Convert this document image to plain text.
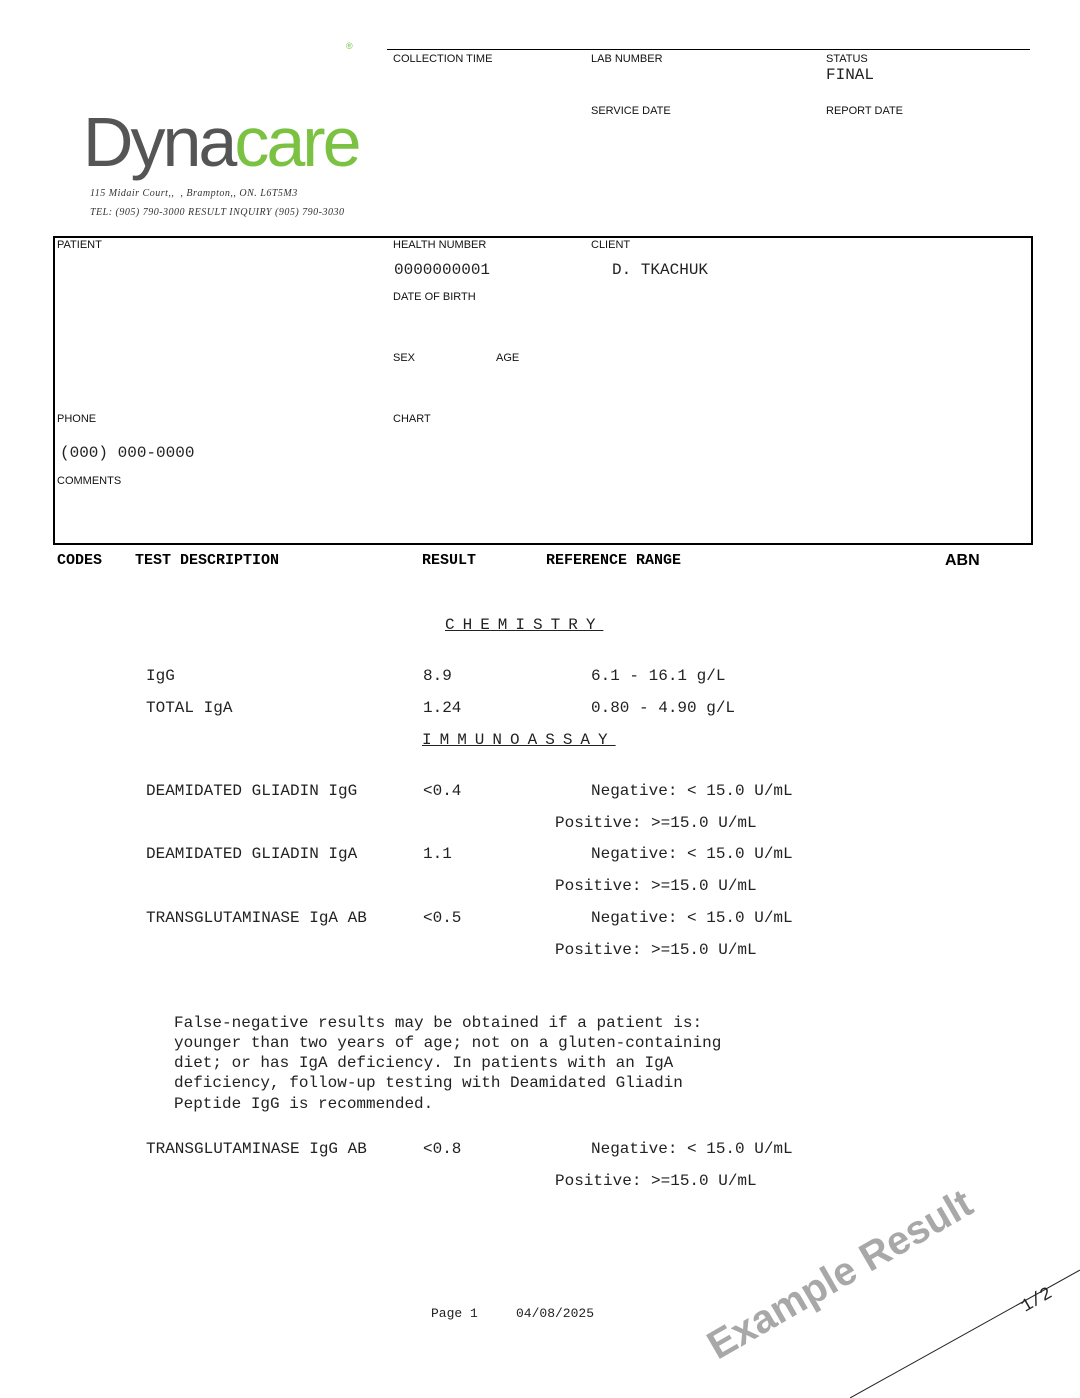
Dynacare

®
COLLECTION TIME	LAB NUMBER	STATUS
FINAL
SERVICE DATE	REPORT DATE
115 Midair Court,,  , Brampton,, ON. L6T5M3
TEL: (905) 790-3000 RESULT INQUIRY (905) 790-3030
PATIENT	HEALTH NUMBER	CLIENT
0000000001	D. TKACHUK
DATE OF BIRTH
SEX	AGE
PHONE	CHART
(000) 000-0000
COMMENTS
CODES TEST DESCRIPTION	RESULT	REFERENCE RANGE	ABN
CHEMISTRY
IgG	8.9	6.1 - 16.1 g/L
TOTAL IgA	1.24	0.80 - 4.90 g/L
IMMUNOASSAY
DEAMIDATED GLIADIN IgG	<0.4	Negative: < 15.0 U/mL
Positive: >=15.0 U/mL
DEAMIDATED GLIADIN IgA	1.1	Negative: < 15.0 U/mL
Positive: >=15.0 U/mL
TRANSGLUTAMINASE IgA AB	<0.5	Negative: < 15.0 U/mL
Positive: >=15.0 U/mL
False-negative results may be obtained if a patient is:
younger than two years of age; not on a gluten-containing
diet; or has IgA deficiency. In patients with an IgA
deficiency, follow-up testing with Deamidated Gliadin
Peptide IgG is recommended.
TRANSGLUTAMINASE IgG AB	<0.8	Negative: < 15.0 U/mL
Positive: >=15.0 U/mL
Page 1	04/08/2025	Example Result 1/2
